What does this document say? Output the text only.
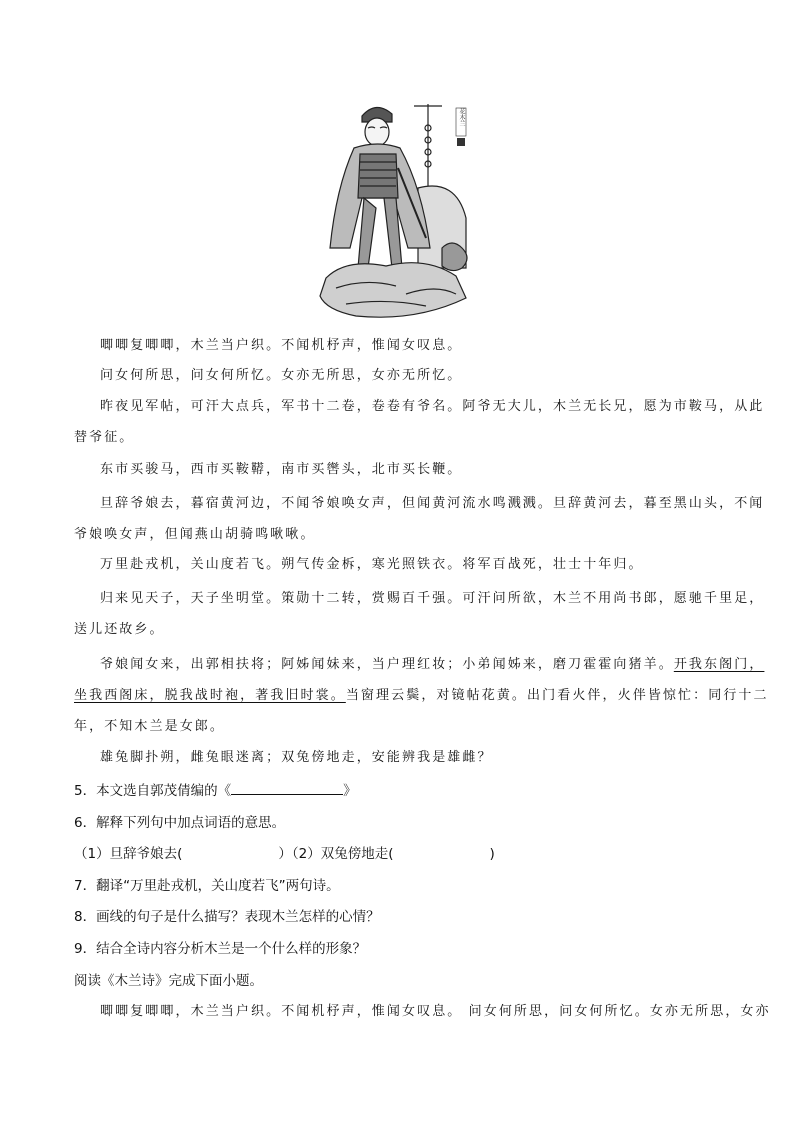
花木兰
唧唧复唧唧，木兰当户织。不闻机杼声，惟闻女叹息。
问女何所思，问女何所忆。女亦无所思，女亦无所忆。
昨夜见军帖，可汗大点兵，军书十二卷，卷卷有爷名。阿爷无大儿，木兰无长兄，愿为市鞍马，从此
替爷征。
东市买骏马，西市买鞍鞯，南市买辔头，北市买长鞭。
旦辞爷娘去，暮宿黄河边，不闻爷娘唤女声，但闻黄河流水鸣溅溅。旦辞黄河去，暮至黑山头，不闻
爷娘唤女声，但闻燕山胡骑鸣啾啾。
万里赴戎机，关山度若飞。朔气传金柝，寒光照铁衣。将军百战死，壮士十年归。
归来见天子，天子坐明堂。策勋十二转，赏赐百千强。可汗问所欲，木兰不用尚书郎，愿驰千里足，
送儿还故乡。
爷娘闻女来，出郭相扶将；阿姊闻妹来，当户理红妆；小弟闻姊来，磨刀霍霍向猪羊。开我东阁门，
坐我西阁床，脱我战时袍，著我旧时裳。当窗理云鬓，对镜帖花黄。出门看火伴，火伴皆惊忙：同行十二
年，不知木兰是女郎。
雄兔脚扑朔，雌兔眼迷离；双兔傍地走，安能辨我是雄雌？
5．本文选自郭茂倩编的《	》
6．解释下列句中加点词语的意思。
（1）旦辞爷娘去(	）（2）双兔傍地走(	)
7．翻译“万里赴戎机，关山度若飞”两句诗。
8．画线的句子是什么描写？表现木兰怎样的心情？
9．结合全诗内容分析木兰是一个什么样的形象？
阅读《木兰诗》完成下面小题。
唧唧复唧唧，木兰当户织。不闻机杼声，惟闻女叹息。 问女何所思，问女何所忆。女亦无所思，女亦
